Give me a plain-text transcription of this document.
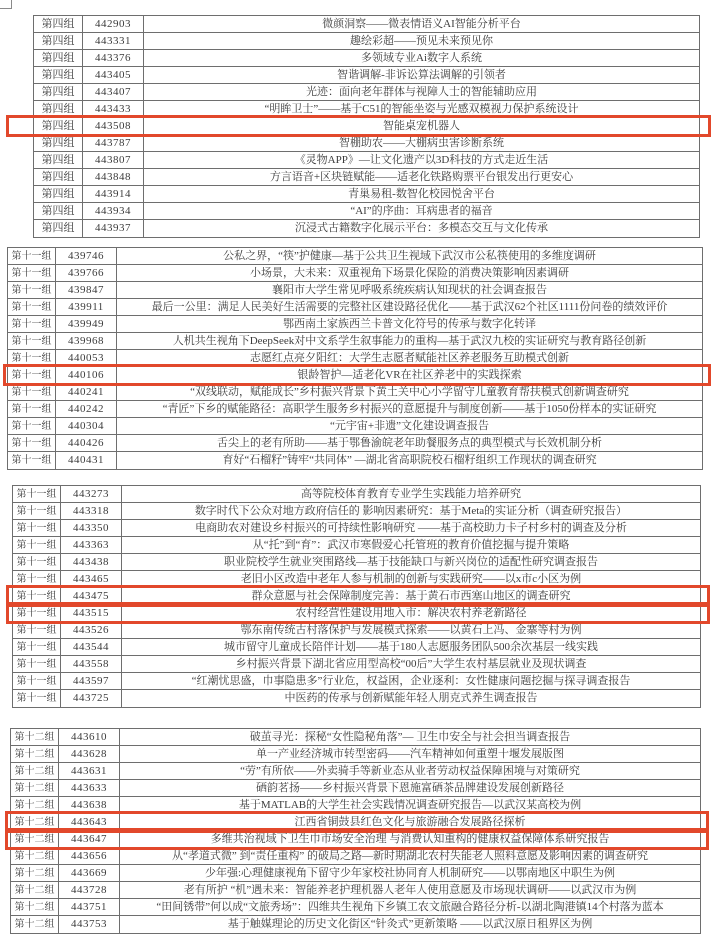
第四组	442903	微颜洞察——微表情语义AI智能分析平台
第四组	443331	趣绘彩超——预见未来预见你
第四组	443376	多领域专业Ai数字人系统
第四组	443405	智谐调解-非诉讼算法调解的引领者
第四组	443407	光迹：面向老年群体与视障人士的智能辅助应用
第四组	443433	“明眸卫士”——基于C51的智能坐姿与光感双模视力保护系统设计
第四组	443508	智能桌宠机器人
第四组	443787	智棚助农——大棚病虫害诊断系统
第四组	443807	《灵物APP》—让文化遗产以3D科技的方式走近生活
第四组	443848	方言语音+区块链赋能——适老化铁路购票平台银发出行更安心
第四组	443914	青巢易租-数智化校园悦舍平台
第四组	443934	“AI”的序曲：耳病患者的福音
第四组	443937	沉浸式古籍数字化展示平台：多模态交互与文化传承
第十一组	439746	公私之界，“筷”护健康—基于公共卫生视域下武汉市公私筷使用的多维度调研
第十一组	439766	小场景，大未来：双重视角下场景化保险的消费决策影响因素调研
第十一组	439847	襄阳市大学生常见呼吸系统疾病认知现状的社会调查报告
第十一组	439911	最后一公里：满足人民美好生活需要的完整社区建设路径优化——基于武汉62个社区1111份问卷的绩效评价
第十一组	439949	鄂西南土家族西兰卡普文化符号的传承与数字化转译
第十一组	439968	人机共生视角下DeepSeek对中文系学生叙事能力的重构—基于武汉九校的实证研究与教育路径创新
第十一组	440053	志愿红点亮夕阳红：大学生志愿者赋能社区养老服务互助模式创新
第十一组	440106	银龄智护—适老化VR在社区养老中的实践探索
第十一组	440241	“双线联动，赋能成长”乡村振兴背景下黄土关中心小学留守儿童教育帮扶模式创新调查研究
第十一组	440242	“青匠”下乡的赋能路径：高职学生服务乡村振兴的意愿提升与制度创新——基于1050份样本的实证研究
第十一组	440304	“元宇宙+非遗”文化建设调查报告
第十一组	440426	舌尖上的老有所助——基于鄂鲁渝皖老年助餐服务点的典型模式与长效机制分析
第十一组	440431	育好“石榴籽”铸牢“共同体” —湖北省高职院校石榴籽组织工作现状的调查研究
第十一组	443273	高等院校体育教育专业学生实践能力培养研究
第十一组	443318	数字时代下公众对地方政府信任的 影响因素研究：基于Meta的实证分析（调查研究报告）
第十一组	443350	电商助农对建设乡村振兴的可持续性影响研究 ——基于高校助力卡子村乡村的调查及分析
第十一组	443363	从“托”到“育”：武汉市寒假爱心托管班的教育价值挖掘与提升策略
第十一组	443438	职业院校学生就业突围路线—基于技能缺口与新兴岗位的适配性研究调查报告
第十一组	443465	老旧小区改造中老年人参与机制的创新与实践研究——以x市c小区为例
第十一组	443475	群众意愿与社会保障制度完善：基于黄石市西塞山地区的调查研究
第十一组	443515	农村经营性建设用地入市：解决农村养老新路径
第十一组	443526	鄂东南传统古村落保护与发展模式探索——以黄石上冯、金寨等村为例
第十一组	443544	城市留守儿童成长陪伴计划——基于180人志愿服务团队500余次基层一线实践
第十一组	443558	乡村振兴背景下湖北省应用型高校“00后”大学生农村基层就业及现状调查
第十一组	443597	“红潮忧思盛，巾事隐患多”行业危，权益困，企业逐利：女性健康问题挖掘与探寻调查报告
第十一组	443725	中医药的传承与创新赋能年轻人朋克式养生调查报告
第十二组	443610	破茧寻光：探秘“女性隐秘角落”— 卫生巾安全与社会担当调查报告
第十二组	443628	单一产业经济城市转型密码——汽车精神如何重塑十堰发展版图
第十二组	443631	“劳”有所依——外卖骑手等新业态从业者劳动权益保障困境与对策研究
第十二组	443633	硒韵茗扬——乡村振兴背景下恩施富硒茶品牌建设发展创新路径
第十二组	443638	基于MATLAB的大学生社会实践情况调查研究报告—以武汉某高校为例
第十二组	443643	江西省铜鼓县红色文化与旅游融合发展路径探析
第十二组	443647	多维共治视域下卫生巾市场安全治理 与消费认知重构的健康权益保障体系研究报告
第十二组	443656	从“孝道式微” 到“责任重构” 的破局之路—新时期湖北农村失能老人照料意愿及影响因素的调查研究
第十二组	443669	少年强:心理健康视角下留守少年家校社协同育人机制研究——以鄂南地区中职生为例
第十二组	443728	老有所护 “机”遇未来：智能养老护理机器人老年人使用意愿及市场现状调研——以武汉市为例
第十二组	443751	“田间锈带”何以成“文旅秀场”：四维共生视角下乡镇工农文旅融合路径分析-以湖北陶港镇14个村落为蓝本
第十二组	443753	基于触媒理论的历史文化街区“针灸式”更新策略 ——以武汉原日租界区为例
